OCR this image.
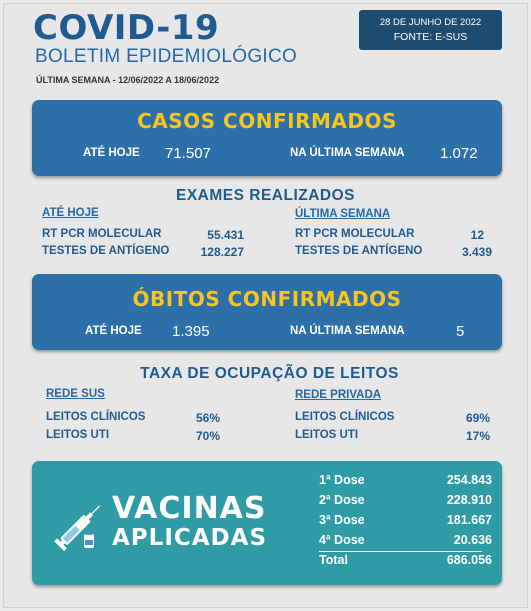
COVID-19
BOLETIM EPIDEMIOLÓGICO
ÚLTIMA SEMANA - 12/06/2022 A 18/06/2022
28 DE JUNHO DE 2022
FONTE: E-SUS
CASOS CONFIRMADOS
ATÉ HOJE 71.507	NA ÚLTIMA SEMANA 1.072
EXAMES REALIZADOS
ATÉ HOJE	ÚLTIMA SEMANA
RT PCR MOLECULAR	55.431
TESTES DE ANTÍGENO	128.227
RT PCR MOLECULAR	12
TESTES DE ANTÍGENO	3.439
ÓBITOS CONFIRMADOS
ATÉ HOJE 1.395	NA ÚLTIMA SEMANA	5
TAXA DE OCUPAÇÃO DE LEITOS
REDE SUS	REDE PRIVADA
LEITOS CLÍNICOS	56%
LEITOS UTI	70%
LEITOS CLÍNICOS	69%
LEITOS UTI	17%
VACINAS
APLICADAS
1ª Dose	254.843
2ª Dose	228.910
3ª Dose	181.667
4ª Dose	20.636
Total	686.056
